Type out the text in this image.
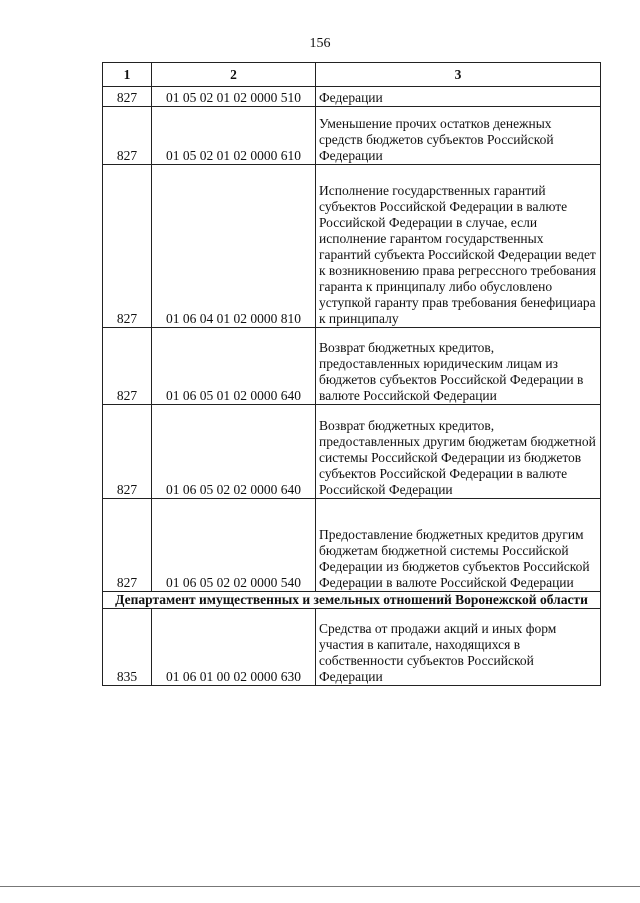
156
1	2	3
827	01 05 02 01 02 0000 510	Федерации
827	01 05 02 01 02 0000 610	Уменьшение прочих остатков денежных средств бюджетов субъектов Российской Федерации
827	01 06 04 01 02 0000 810	Исполнение государственных гарантий субъектов Российской Федерации в валюте Российской Федерации в случае, если исполнение гарантом государственных гарантий субъекта Российской Федерации ведет к возникновению права регрессного требования гаранта к принципалу либо обусловлено уступкой гаранту прав требования бенефициара к принципалу
827	01 06 05 01 02 0000 640	Возврат бюджетных кредитов, предоставленных юридическим лицам из бюджетов субъектов Российской Федерации в валюте Российской Федерации
827	01 06 05 02 02 0000 640	Возврат бюджетных кредитов, предоставленных другим бюджетам бюджетной системы Российской Федерации из бюджетов субъектов Российской Федерации в валюте Российской Федерации
827	01 06 05 02 02 0000 540	Предоставление бюджетных кредитов другим бюджетам бюджетной системы Российской Федерации из бюджетов субъектов Российской Федерации в валюте Российской Федерации
Департамент имущественных и земельных отношений Воронежской области		
835	01 06 01 00 02 0000 630	Средства от продажи акций и иных форм участия в капитале, находящихся в собственности субъектов Российской Федерации
